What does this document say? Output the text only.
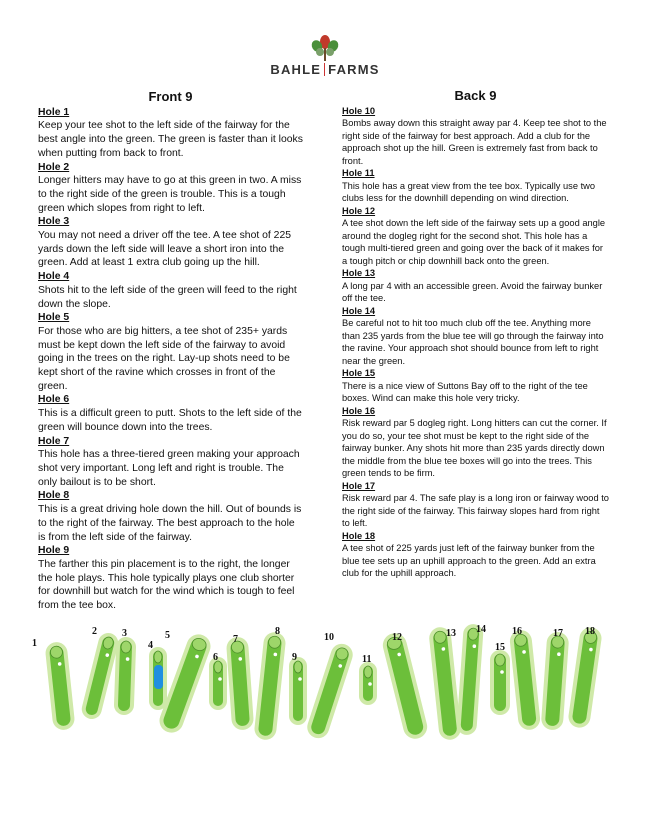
BAHLE FARMS
Front 9
Hole 1
Keep your tee shot to the left side of the fairway for the best angle into the green. The green is faster than it looks when putting from back to front.
Hole 2
Longer hitters may have to go at this green in two. A miss to the right side of the green is trouble. This is a tough green which slopes from right to left.
Hole 3
You may not need a driver off the tee. A tee shot of 225 yards down the left side will leave a short iron into the green. Add at least 1 extra club going up the hill.
Hole 4
Shots hit to the left side of the green will feed to the right down the slope.
Hole 5
For those who are big hitters, a tee shot of 235+ yards must be kept down the left side of the fairway to avoid going in the trees on the right. Lay-up shots need to be kept short of the ravine which crosses in front of the green.
Hole 6
This is a difficult green to putt. Shots to the left side of the green will bounce down into the trees.
Hole 7
This hole has a three-tiered green making your approach shot very important. Long left and right is trouble. The only bailout is to be short.
Hole 8
This is a great driving hole down the hill. Out of bounds is to the right of the fairway. The best approach to the hole is from the left side of the fairway.
Hole 9
The farther this pin placement is to the right, the longer the hole plays. This hole typically plays one club shorter for downhill but watch for the wind which is tough to feel from the tee box.
Back 9
Hole 10
Bombs away down this straight away par 4. Keep tee shot to the right side of the fairway for best approach. Add a club for the approach shot up the hill. Green is extremely fast from back to front.
Hole 11
This hole has a great view from the tee box. Typically use two clubs less for the downhill depending on wind direction.
Hole 12
A tee shot down the left side of the fairway sets up a good angle around the dogleg right for the second shot. This hole has a tough multi-tiered green and going over the back of it makes for a tough pitch or chip downhill back onto the green.
Hole 13
A long par 4 with an accessible green. Avoid the fairway bunker off the tee.
Hole 14
Be careful not to hit too much club off the tee. Anything more than 235 yards from the blue tee will go through the fairway into the ravine. Your approach shot should bounce from left to right near the green.
Hole 15
There is a nice view of Suttons Bay off to the right of the tee boxes. Wind can make this hole very tricky.
Hole 16
Risk reward par 5 dogleg right. Long hitters can cut the corner. If you do so, your tee shot must be kept to the right side of the fairway bunker. Any shots hit more than 235 yards directly down the middle from the blue tee boxes will go into the trees. This green tends to be firm.
Hole 17
Risk reward par 4. The safe play is a long iron or fairway wood to the right side of the fairway. This fairway slopes hard from right to left.
Hole 18
A tee shot of 225 yards just left of the fairway bunker from the blue tee sets up an uphill approach to the green. Add an extra club for the uphill approach.
1
2	3
4
5
6
7
8
9
10
11
12	13 14
15
16	17 18
